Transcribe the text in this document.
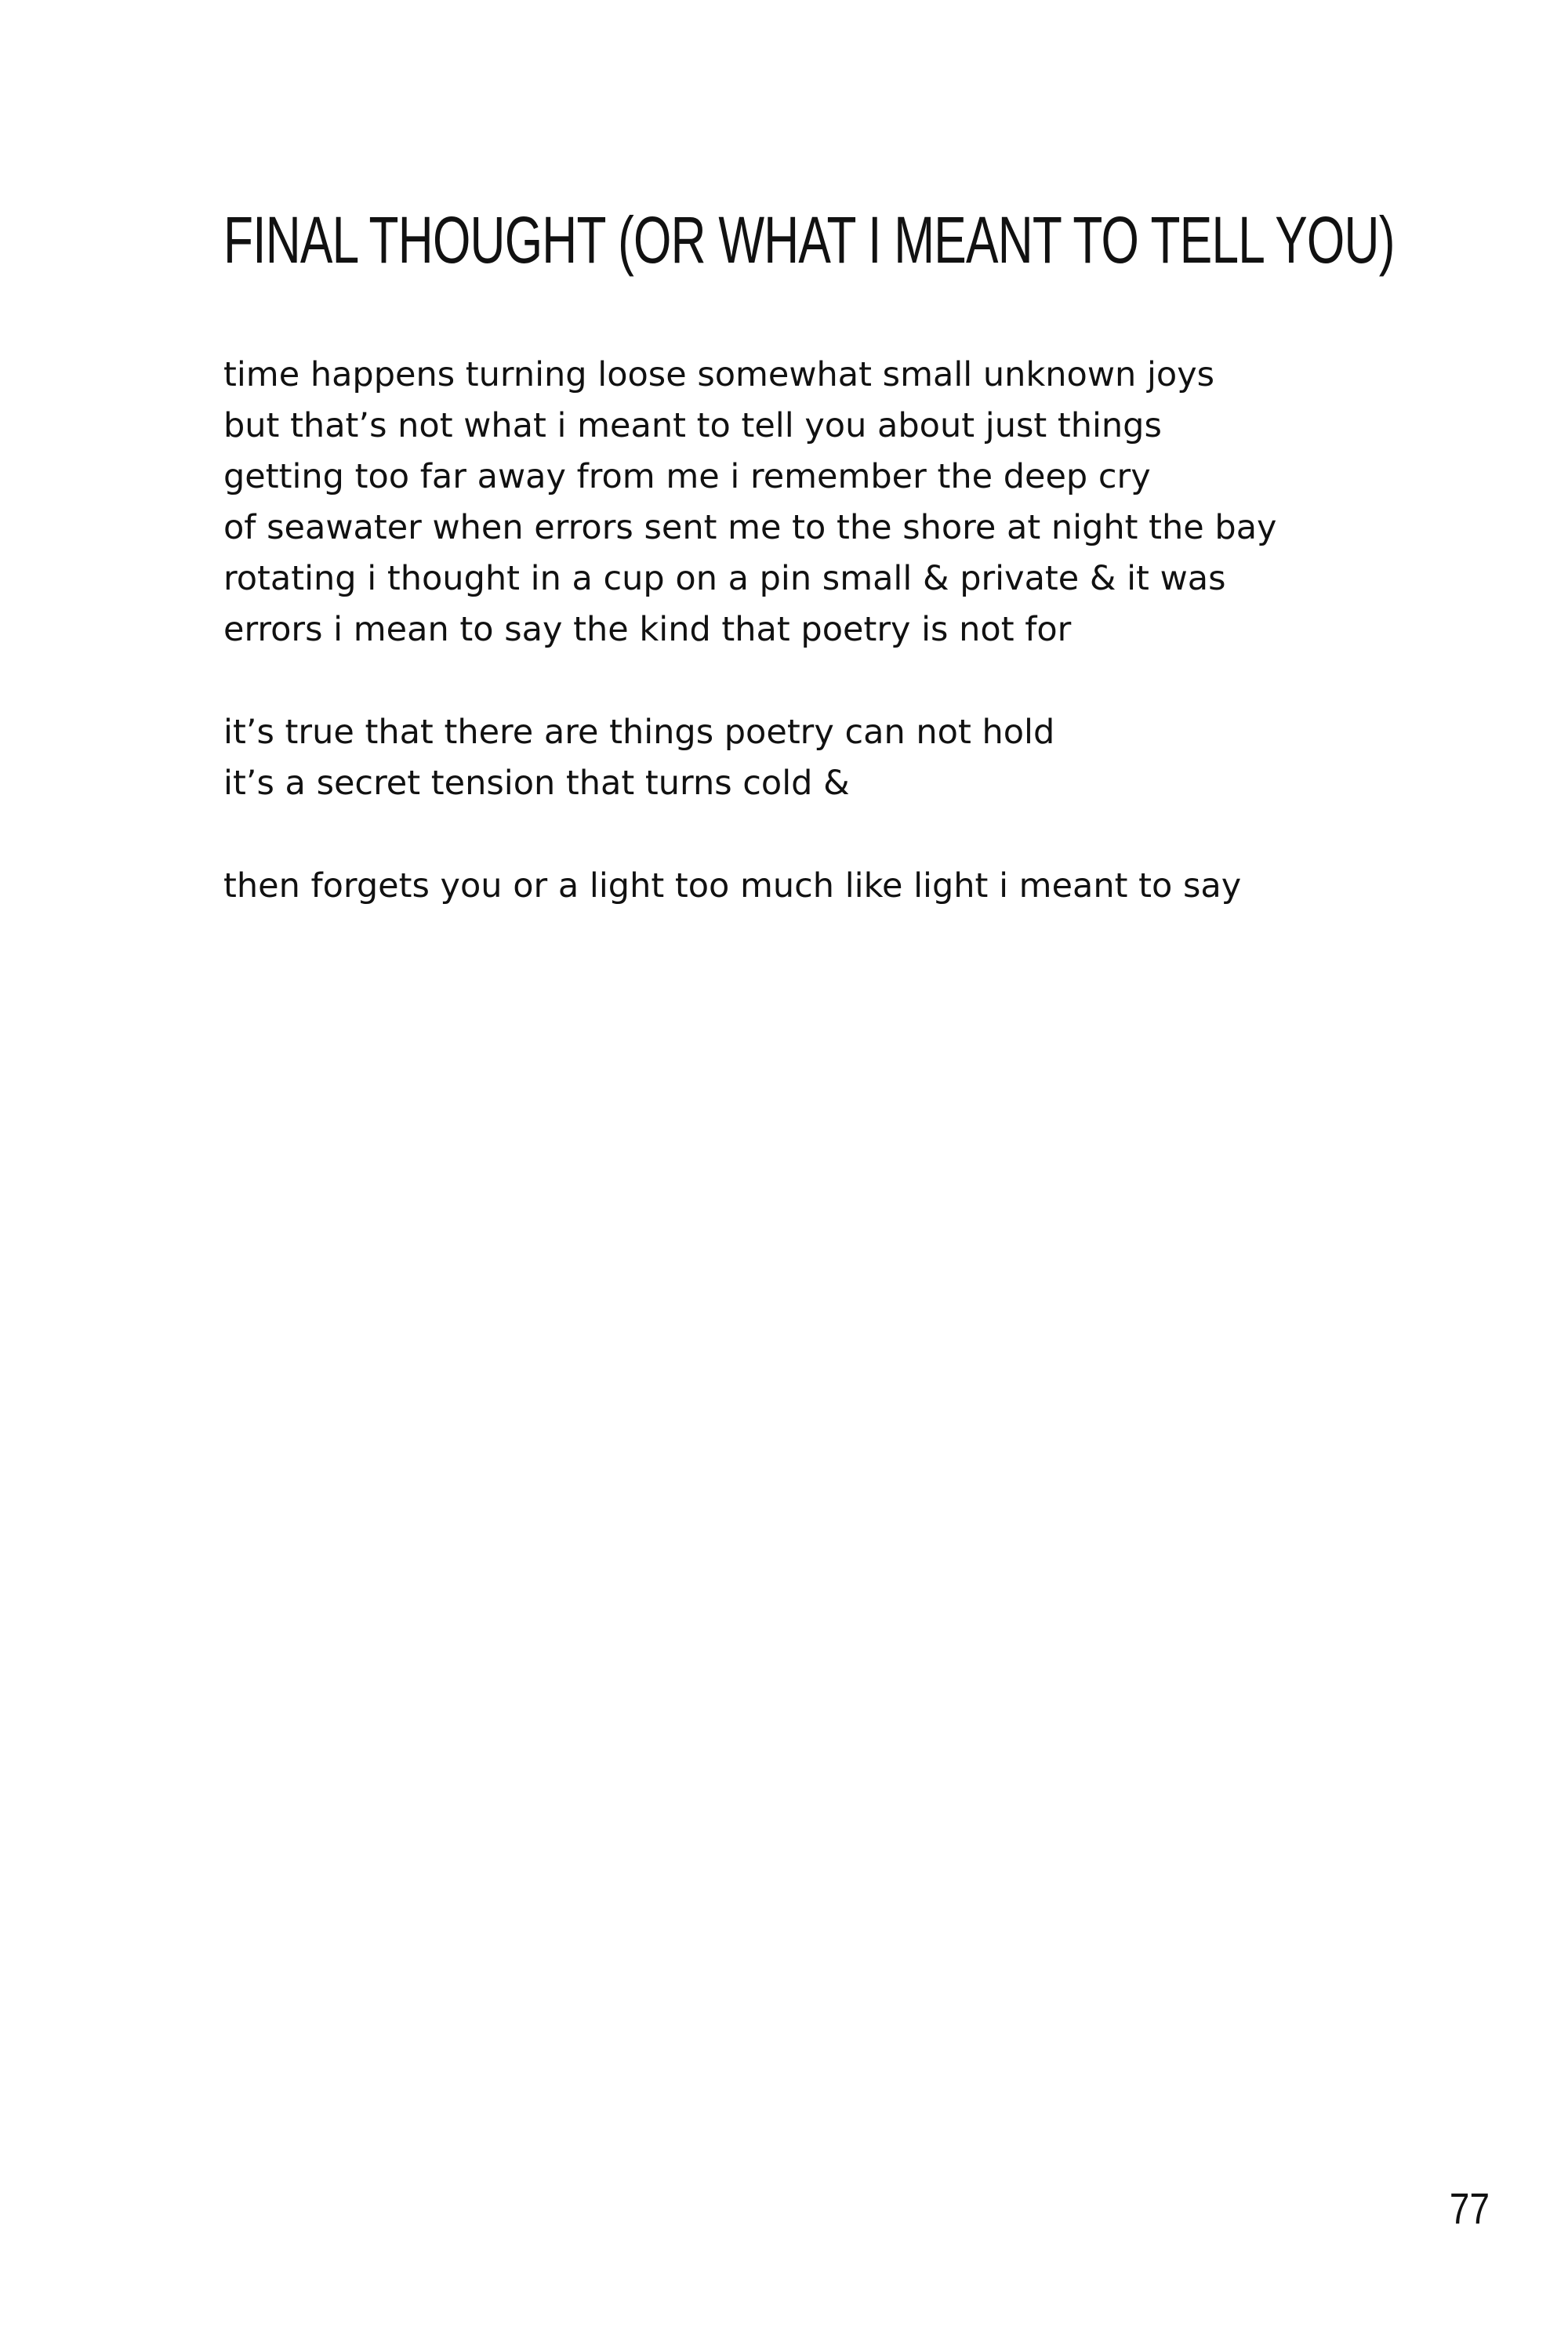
FINAL THOUGHT (OR WHAT I MEANT TO TELL YOU)

time happens turning loose somewhat small unknown joys

but that’s not what i meant to tell you about just things

getting too far away from me i remember the deep cry

of seawater when errors sent me to the shore at night the bay

rotating i thought in a cup on a pin small & private & it was

errors i mean to say the kind that poetry is not for

it’s true that there are things poetry can not hold

it’s a secret tension that turns cold &

then forgets you or a light too much like light i meant to say

77
